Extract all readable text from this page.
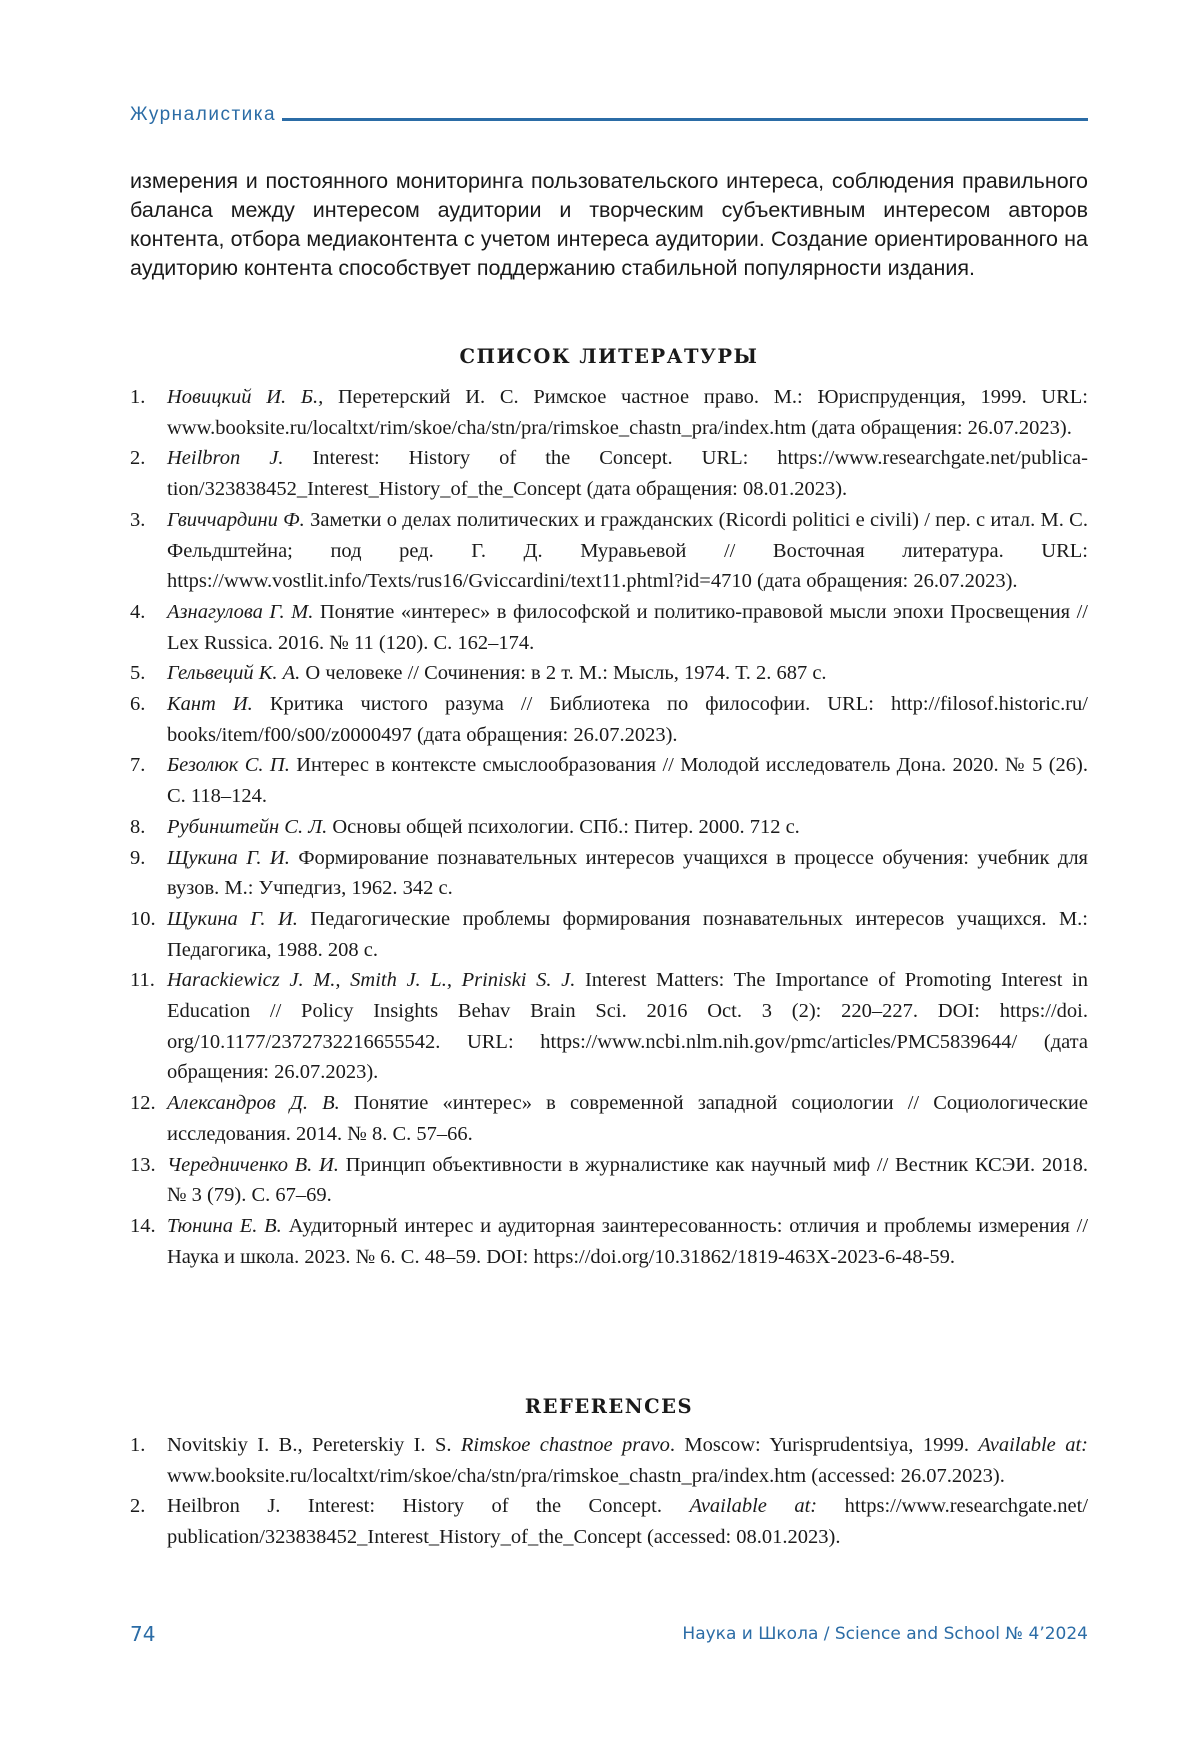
Журналистика

измерения и постоянного мониторинга пользовательского интереса, соблюдения правильного баланса между интересом аудитории и творческим субъективным интересом авторов контента, отбора медиаконтента с учетом интереса аудитории. Создание ориентированного на аудиторию контента способствует поддержанию стабильной популярности издания.

СПИСОК ЛИТЕРАТУРЫ
1. Новицкий И. Б., Перетерский И. С. Римское частное право. М.: Юриспруденция, 1999. URL: www.booksite.ru/localtxt/rim/skoe/cha/stn/pra/rimskoe_chastn_pra/index.htm (дата обращения: 26.07.2023).
2. Heilbron J. Interest: History of the Concept. URL: https://www.researchgate.net/publication/323838452_Interest_History_of_the_Concept (дата обращения: 08.01.2023).
3. Гвиччардини Ф. Заметки о делах политических и гражданских (Ricordi politici e civili) / пер. с итал. М. С. Фельдштейна; под ред. Г. Д. Муравьевой // Восточная литература. URL: https://www.vostlit.info/Texts/rus16/Gviccardini/text11.phtml?id=4710 (дата обращения: 26.07.2023).
4. Азнагулова Г. М. Понятие «интерес» в философской и политико-правовой мысли эпохи Просвещения // Lex Russica. 2016. № 11 (120). С. 162–174.
5. Гельвеций К. А. О человеке // Сочинения: в 2 т. М.: Мысль, 1974. Т. 2. 687 с.
6. Кант И. Критика чистого разума // Библиотека по философии. URL: http://filosof.historic.ru/ books/item/f00/s00/z0000497 (дата обращения: 26.07.2023).
7. Безолюк С. П. Интерес в контексте смыслообразования // Молодой исследователь Дона. 2020. № 5 (26). С. 118–124.
8. Рубинштейн С. Л. Основы общей психологии. СПб.: Питер. 2000. 712 с.
9. Щукина Г. И. Формирование познавательных интересов учащихся в процессе обучения: учебник для вузов. М.: Учпедгиз, 1962. 342 с.
10. Щукина Г. И. Педагогические проблемы формирования познавательных интересов учащихся. М.: Педагогика, 1988. 208 с.
11. Harackiewicz J. M., Smith J. L., Priniski S. J. Interest Matters: The Importance of Promoting Interest in Education // Policy Insights Behav Brain Sci. 2016 Oct. 3 (2): 220–227. DOI: https://doi. org/10.1177/2372732216655542. URL: https://www.ncbi.nlm.nih.gov/pmc/articles/PMC5839644/ (дата обращения: 26.07.2023).
12. Александров Д. В. Понятие «интерес» в современной западной социологии // Социологические исследования. 2014. № 8. С. 57–66.
13. Чередниченко В. И. Принцип объективности в журналистике как научный миф // Вестник КСЭИ. 2018. № 3 (79). С. 67–69.
14. Тюнина Е. В. Аудиторный интерес и аудиторная заинтересованность: отличия и проблемы измерения // Наука и школа. 2023. № 6. С. 48–59. DOI: https://doi.org/10.31862/1819-463X-2023-6-48-59.
REFERENCES
1. Novitskiy I. B., Pereterskiy I. S. Rimskoe chastnoe pravo. Moscow: Yurisprudentsiya, 1999. Available at: www.booksite.ru/localtxt/rim/skoe/cha/stn/pra/rimskoe_chastn_pra/index.htm (accessed: 26.07.2023).
2. Heilbron J. Interest: History of the Concept. Available at: https://www.researchgate.net/ publication/323838452_Interest_History_of_the_Concept (accessed: 08.01.2023).
74	Наука и Школа / Science and School № 4’2024
